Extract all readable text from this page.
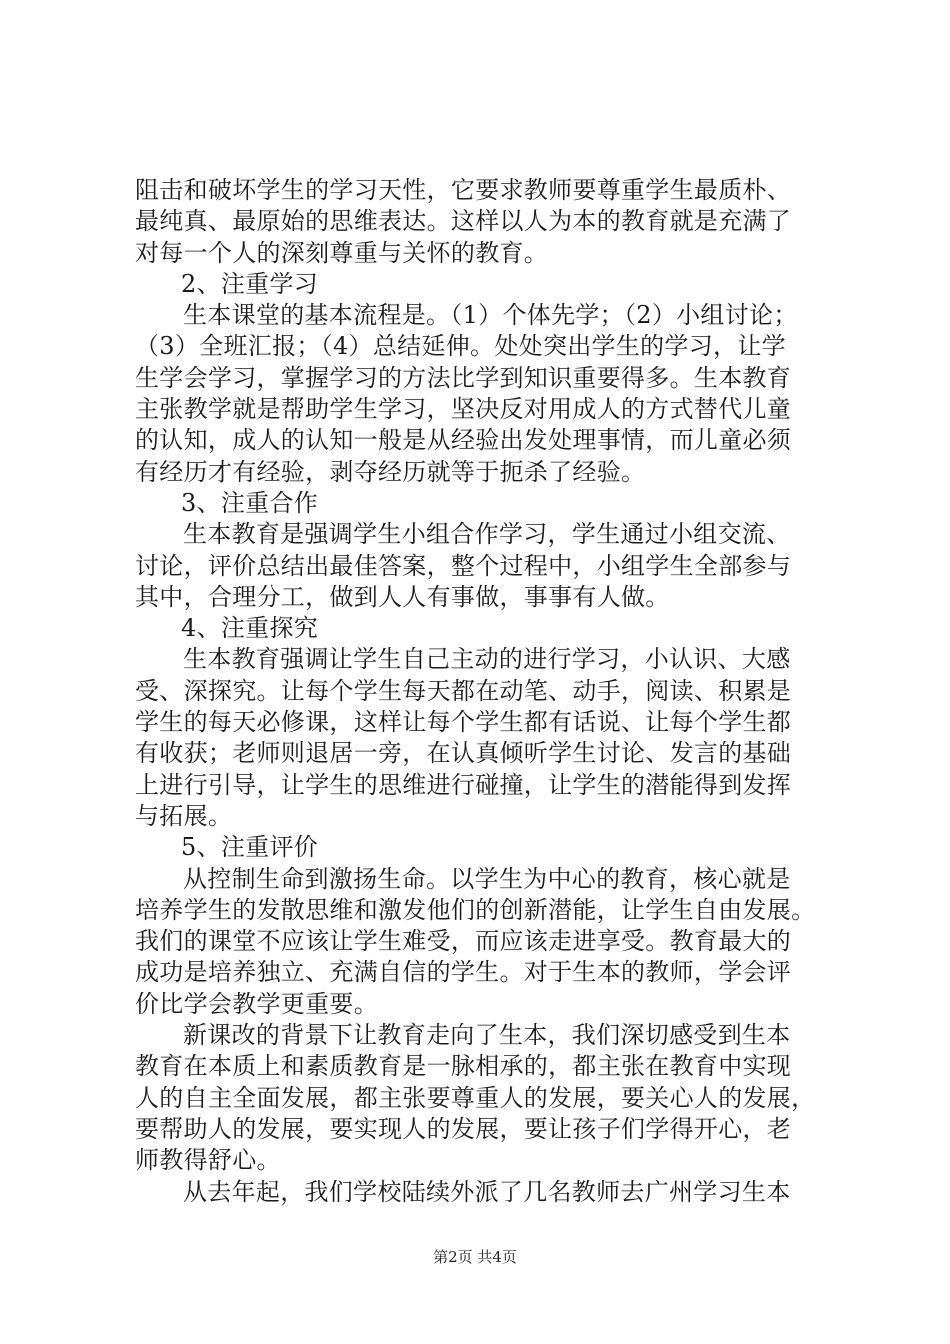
阻击和破坏学生的学习天性，它要求教师要尊重学生最质朴、
最纯真、最原始的思维表达。这样以人为本的教育就是充满了
对每一个人的深刻尊重与关怀的教育。
2、注重学习
生本课堂的基本流程是。（1）个体先学；（2）小组讨论；
（3）全班汇报；（4）总结延伸。处处突出学生的学习，让学
生学会学习，掌握学习的方法比学到知识重要得多。生本教育
主张教学就是帮助学生学习，坚决反对用成人的方式替代儿童
的认知，成人的认知一般是从经验出发处理事情，而儿童必须
有经历才有经验，剥夺经历就等于扼杀了经验。
3、注重合作
生本教育是强调学生小组合作学习，学生通过小组交流、
讨论，评价总结出最佳答案，整个过程中，小组学生全部参与
其中，合理分工，做到人人有事做，事事有人做。
4、注重探究
生本教育强调让学生自己主动的进行学习，小认识、大感
受、深探究。让每个学生每天都在动笔、动手，阅读、积累是
学生的每天必修课，这样让每个学生都有话说、让每个学生都
有收获；老师则退居一旁，在认真倾听学生讨论、发言的基础
上进行引导，让学生的思维进行碰撞，让学生的潜能得到发挥
与拓展。
5、注重评价
从控制生命到激扬生命。以学生为中心的教育，核心就是
培养学生的发散思维和激发他们的创新潜能，让学生自由发展。
我们的课堂不应该让学生难受，而应该走进享受。教育最大的
成功是培养独立、充满自信的学生。对于生本的教师，学会评
价比学会教学更重要。
新课改的背景下让教育走向了生本，我们深切感受到生本
教育在本质上和素质教育是一脉相承的，都主张在教育中实现
人的自主全面发展，都主张要尊重人的发展，要关心人的发展，
要帮助人的发展，要实现人的发展，要让孩子们学得开心，老
师教得舒心。
从去年起，我们学校陆续外派了几名教师去广州学习生本
第2页 共4页
